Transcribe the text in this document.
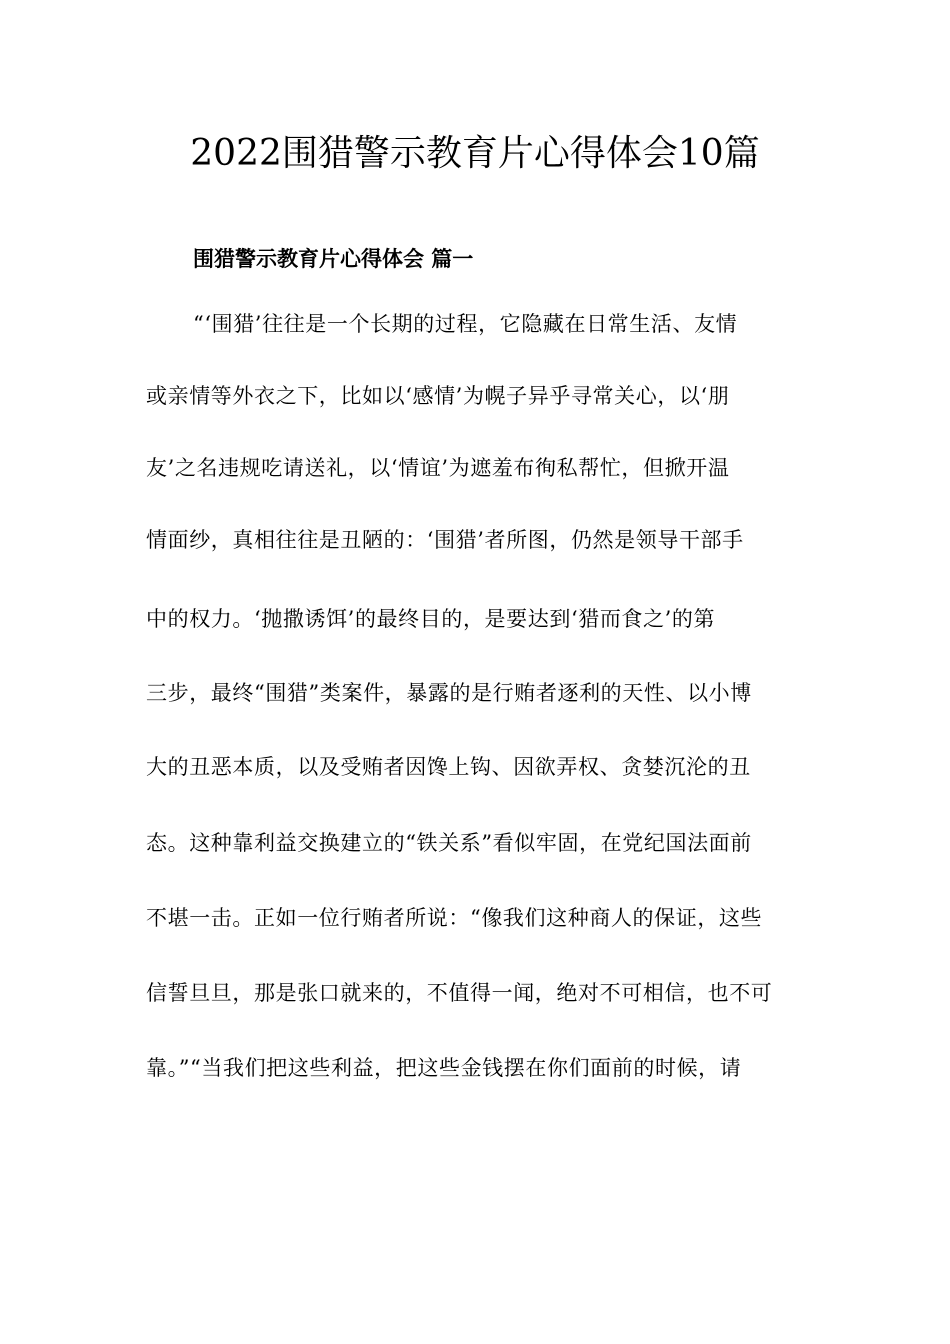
2022围猎警示教育片心得体会10篇
围猎警示教育片心得体会 篇一
“‘围猎’往往是一个长期的过程，它隐藏在日常生活、友情
或亲情等外衣之下，比如以‘感情’为幌子异乎寻常关心，以‘朋
友’之名违规吃请送礼，以‘情谊’为遮羞布徇私帮忙，但掀开温
情面纱，真相往往是丑陋的：‘围猎’者所图，仍然是领导干部手
中的权力。‘抛撒诱饵’的最终目的，是要达到‘猎而食之’的第
三步，最终“围猎”类案件，暴露的是行贿者逐利的天性、以小博
大的丑恶本质，以及受贿者因馋上钩、因欲弄权、贪婪沉沦的丑
态。这种靠利益交换建立的“铁关系”看似牢固，在党纪国法面前
不堪一击。正如一位行贿者所说：“像我们这种商人的保证，这些
信誓旦旦，那是张口就来的，不值得一闻，绝对不可相信，也不可
靠。”“当我们把这些利益，把这些金钱摆在你们面前的时候，请
